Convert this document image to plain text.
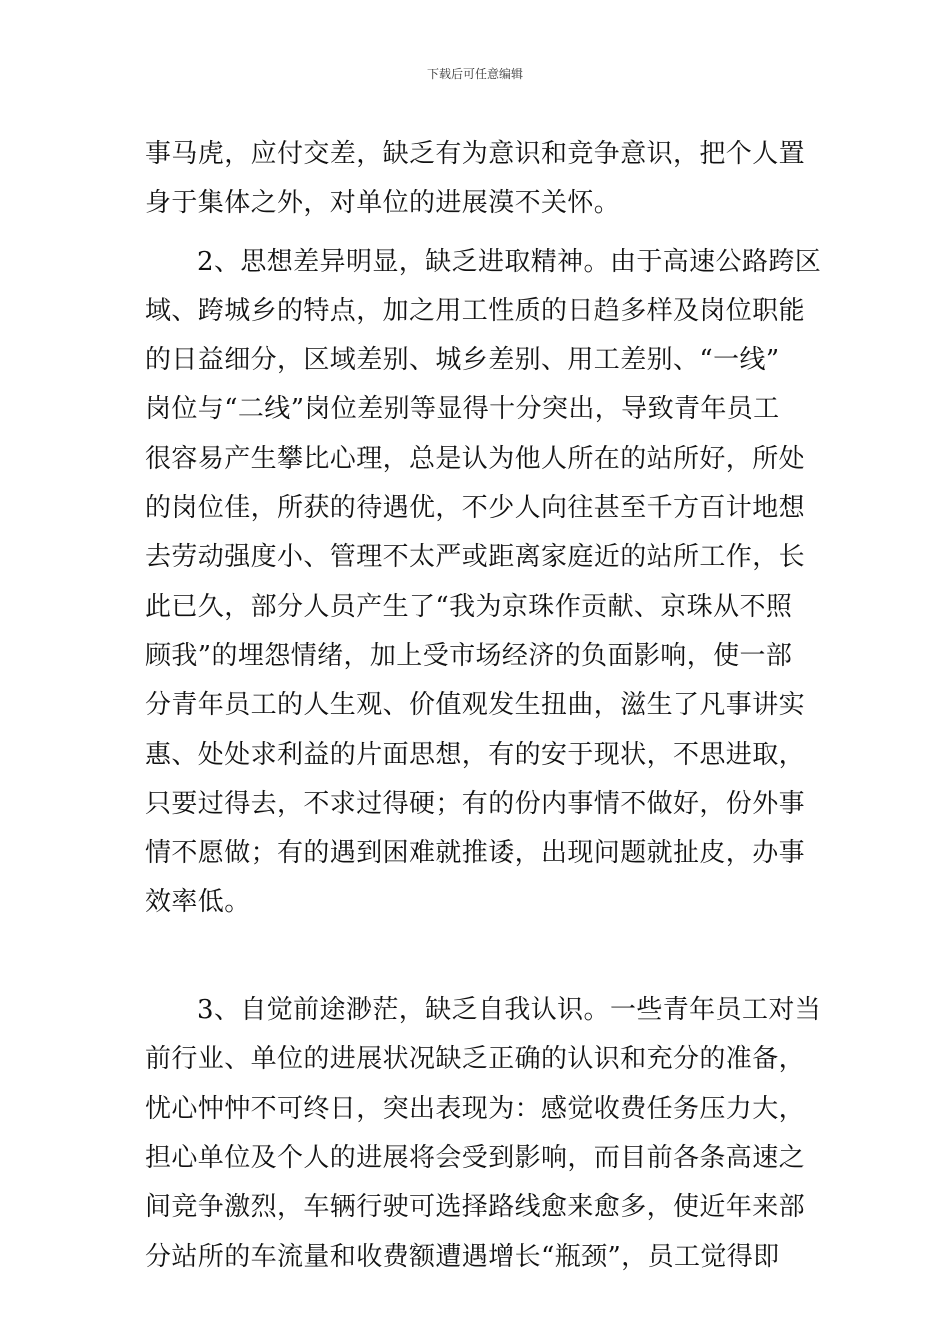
下载后可任意编辑
事马虎，应付交差，缺乏有为意识和竞争意识，把个人置
身于集体之外，对单位的进展漠不关怀。
2、思想差异明显，缺乏进取精神。由于高速公路跨区
域、跨城乡的特点，加之用工性质的日趋多样及岗位职能
的日益细分，区域差别、城乡差别、用工差别、“一线”
岗位与“二线”岗位差别等显得十分突出，导致青年员工
很容易产生攀比心理，总是认为他人所在的站所好，所处
的岗位佳，所获的待遇优，不少人向往甚至千方百计地想
去劳动强度小、管理不太严或距离家庭近的站所工作，长
此已久，部分人员产生了“我为京珠作贡献、京珠从不照
顾我”的埋怨情绪，加上受市场经济的负面影响，使一部
分青年员工的人生观、价值观发生扭曲，滋生了凡事讲实
惠、处处求利益的片面思想，有的安于现状，不思进取，
只要过得去，不求过得硬；有的份内事情不做好，份外事
情不愿做；有的遇到困难就推诿，出现问题就扯皮，办事
效率低。
3、自觉前途渺茫，缺乏自我认识。一些青年员工对当
前行业、单位的进展状况缺乏正确的认识和充分的准备，
忧心忡忡不可终日，突出表现为：感觉收费任务压力大，
担心单位及个人的进展将会受到影响，而目前各条高速之
间竞争激烈，车辆行驶可选择路线愈来愈多，使近年来部
分站所的车流量和收费额遭遇增长“瓶颈”，员工觉得即
